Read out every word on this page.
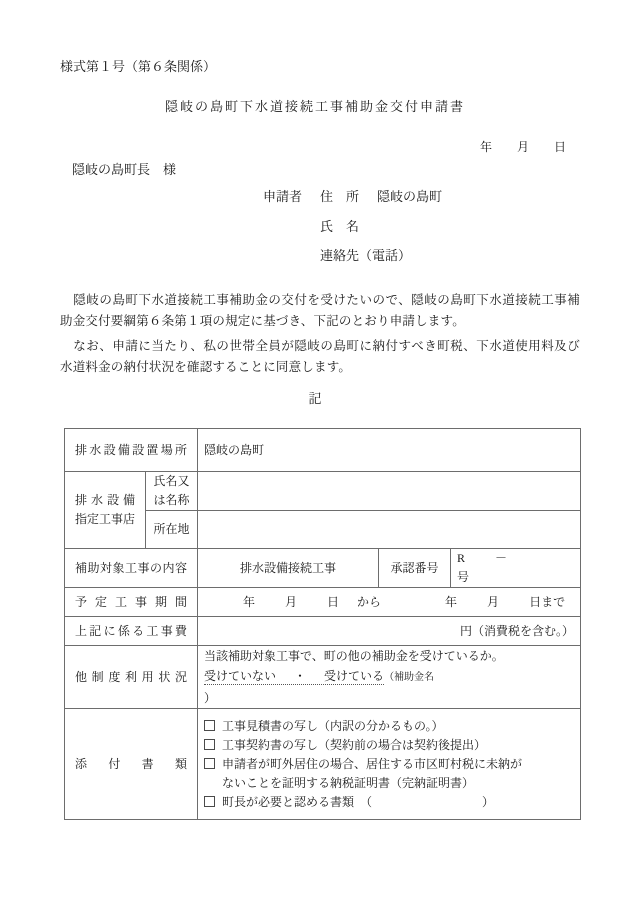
様式第１号（第６条関係）
隠岐の島町下水道接続工事補助金交付申請書
年 月 日
隠岐の島町長　様
申請者 住　所 隠岐の島町
氏　名
連絡先（電話）
隠岐の島町下水道接続工事補助金の交付を受けたいので、隠岐の島町下水道接続工事補助金交付要綱第６条第１項の規定に基づき、下記のとおり申請します。
なお、申請に当たり、私の世帯全員が隠岐の島町に納付すべき町税、下水道使用料及び水道料金の納付状況を確認することに同意します。
記
排水設備設置場所		隠岐の島町		

排水設備
指定工事店	氏名又
は名称			
	所在地			

補助対象工事の内容		排水設備接続工事	承認番号	R －号

予定工事期間		年 月 日 から 年 月 日まで		

上記に係る工事費		円（消費税を含む。）		

他制度利用状況		当該補助対象工事で、町の他の補助金を受けているか。
受けていない ・ 受けている（補助金名）		

添付書類		工事見積書の写し（内訳の分かるもの。）
工事契約書の写し（契約前の場合は契約後提出）
申請者が町外居住の場合、居住する市区町村税に未納が
ないことを証明する納税証明書（完納証明書）
町長が必要と認める書類　（ ）		
